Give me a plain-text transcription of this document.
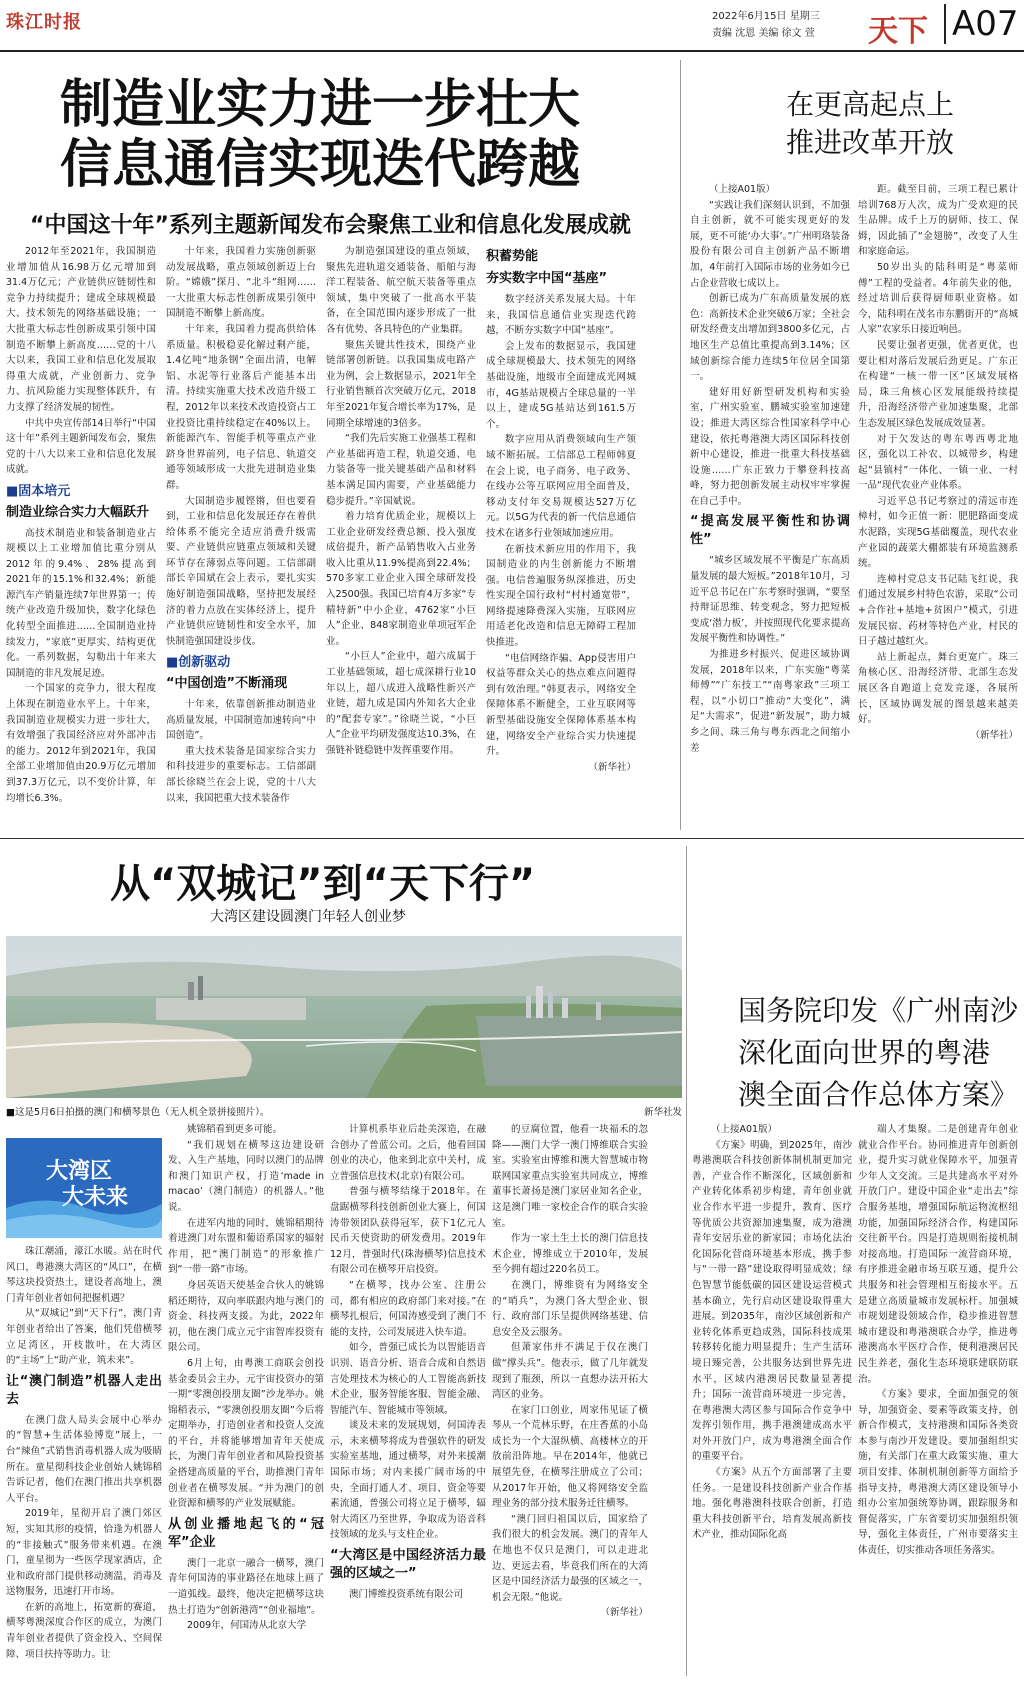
珠江时报	2022年6月15日 星期三
责编 沈恩 美编 徐文 萱 天下 A07
制造业实力进一步壮大
信息通信实现迭代跨越
“中国这十年”系列主题新闻发布会聚焦工业和信息化发展成就

2012年至2021年，我国制造业增加值从16.98万亿元增加到31.4万亿元；产业链供应链韧性和竞争力持续提升；建成全球规模最大、技术领先的网络基础设施；一大批重大标志性创新成果引领中国制造不断攀上新高度……党的十八大以来，我国工业和信息化发展取得重大成就，产业创新力、竞争力、抗风险能力实现整体跃升，有力支撑了经济发展的韧性。

中共中央宣传部14日举行“中国这十年”系列主题新闻发布会，聚焦党的十八大以来工业和信息化发展成就。

■固本培元
制造业综合实力大幅跃升

高技术制造业和装备制造业占规模以上工业增加值比重分别从2012年的9.4%、28%提高到2021年的15.1%和32.4%；新能源汽车产销量连续7年世界第一；传统产业改造升级加快，数字化绿色化转型全面推进……全国制造业持续发力，“家底”更厚实、结构更优化。一系列数据，勾勒出十年来大国制造的非凡发展足迹。

一个国家的竞争力，很大程度上体现在制造业水平上。十年来，我国制造业规模实力进一步壮大，有效增强了我国经济应对外部冲击的能力。2012年到2021年，我国全部工业增加值由20.9万亿元增加到37.3万亿元，以不变价计算，年均增长6.3%。

十年来，我国着力实施创新驱动发展战略，重点领域创新迈上台阶。“嫦娥”探月、“北斗”组网……一大批重大标志性创新成果引领中国制造不断攀上新高度。

十年来，我国着力提高供给体系质量。积极稳妥化解过剩产能，1.4亿吨“地条钢”全面出清，电解铝、水泥等行业落后产能基本出清。持续实施重大技术改造升级工程，2012年以来技术改造投资占工业投资比重持续稳定在40%以上。新能源汽车、智能手机等重点产业跻身世界前列，电子信息、轨道交通等领域形成一大批先进制造业集群。

大国制造步履铿锵，但也要看到，工业和信息化发展还存在着供给体系不能完全适应消费升级需要、产业链供应链重点领域和关键环节存在薄弱点等问题。工信部副部长辛国斌在会上表示，要扎实实施好制造强国战略，坚持把发展经济的着力点放在实体经济上，提升产业链供应链韧性和安全水平，加快制造强国建设步伐。

■创新驱动
“中国创造”不断涌现

十年来，依靠创新推动制造业高质量发展，中国制造加速转向“中国创造”。

重大技术装备是国家综合实力和科技进步的重要标志。工信部副部长徐晓兰在会上说，党的十八大以来，我国把重大技术装备作

为制造强国建设的重点领域，聚焦先进轨道交通装备、船舶与海洋工程装备、航空航天装备等重点领域，集中突破了一批高水平装备，在全国范围内逐步形成了一批各有优势、各具特色的产业集群。

聚焦关键共性技术，围绕产业链部署创新链。以我国集成电路产业为例，会上数据显示，2021年全行业销售额首次突破万亿元，2018年至2021年复合增长率为17%，是同期全球增速的3倍多。

“我们先后实施工业强基工程和产业基础再造工程，轨道交通、电力装备等一批关键基础产品和材料基本满足国内需要，产业基础能力稳步提升。”辛国斌说。

着力培育优质企业，规模以上工业企业研发经费总额、投入强度成倍提升，新产品销售收入占业务收入比重从11.9%提高到22.4%；570多家工业企业入围全球研发投入2500强。我国已培育4万多家“专精特新”中小企业，4762家“小巨人”企业、848家制造业单项冠军企业。

“小巨人”企业中，超六成属于工业基础领域，超七成深耕行业10年以上，超八成进入战略性新兴产业链，超九成是国内外知名大企业的“配套专家”。”徐晓兰说，“小巨人”企业平均研发强度达10.3%，在强链补链稳链中发挥重要作用。

积蓄势能
夯实数字中国“基座”

数字经济关系发展大局。十年来，我国信息通信业实现迭代跨越，不断夯实数字中国“基座”。

会上发布的数据显示，我国建成全球规模最大、技术领先的网络基础设施，地级市全面建成光网城市，4G基站规模占全球总量的一半以上，建成5G基站达到161.5万个。

数字应用从消费领域向生产领域不断拓展。工信部总工程师韩夏在会上说，电子商务、电子政务、在线办公等互联网应用全面普及，移动支付年交易规模达527万亿元。以5G为代表的新一代信息通信技术在诸多行业领域加速应用。

在新技术新应用的作用下，我国制造业的内生创新能力不断增强。电信普遍服务纵深推进，历史性实现全国行政村“村村通宽带”，网络提速降费深入实施，互联网应用适老化改造和信息无障碍工程加快推进。

“电信网络诈骗、App侵害用户权益等群众关心的热点难点问题得到有效治理。”韩夏表示，网络安全保障体系不断健全，工业互联网等新型基础设施安全保障体系基本构建，网络安全产业综合实力快速提升。

（新华社）
在更高起点上
推进改革开放

（上接A01版）

“实践让我们深刻认识到，不加强自主创新，就不可能实现更好的发展，更不可能‘办大事’。”广州明珞装备股份有限公司自主创新产品不断增加，4年前打入国际市场的业务如今已占企业营收七成以上。

创新已成为广东高质量发展的底色：高新技术企业突破6万家；全社会研发经费支出增加到3800多亿元，占地区生产总值比重提高到3.14%；区域创新综合能力连续5年位居全国第一。

建好用好新型研发机构和实验室，广州实验室、鹏城实验室加速建设；推进大湾区综合性国家科学中心建设，依托粤港澳大湾区国际科技创新中心建设，推进一批重大科技基础设施……广东正致力于攀登科技高峰，努力把创新发展主动权牢牢掌握在自己手中。

“提高发展平衡性和协调性”

“城乡区域发展不平衡是广东高质量发展的最大短板。”2018年10月，习近平总书记在广东考察时强调，“要坚持辩证思维、转变观念，努力把短板变成‘潜力板’，并按照现代化要求提高发展平衡性和协调性。”

为推进乡村振兴、促进区域协调发展，2018年以来，广东实施“粤菜师傅”“广东技工”“南粤家政”三项工程，以“小切口”推动“大变化”，满足“大需求”，促进“新发展”，助力城乡之间、珠三角与粤东西北之间缩小差

距。截至目前，三项工程已累计培训768万人次，成为广受欢迎的民生品牌。成千上万的厨师、技工、保姆，因此插了“金翅膀”，改变了人生和家庭命运。

50岁出头的陆科明是“粤菜师傅”工程的受益者。4年前失业的他，经过培训后获得厨师职业资格。如今，陆科明在茂名市东鹏街开的“高城人家”农家乐日接近响邑。

民要让强者更强，优者更优，也要让相对落后发展后劲更足。广东正在构建“一核一带一区”区域发展格局，珠三角核心区发展能级持续提升，沿海经济带产业加速集聚，北部生态发展区绿色发展成效显著。

对于欠发达的粤东粤西粤北地区，强化以工补农、以城带乡，构建起“县镇村”一体化、一镇一业、一村一品“现代农业产业体系。

习近平总书记考察过的清远市连樟村，如今正值一新：肥肥路面变成水泥路，实现5G基础覆盖，现代农业产业园的蔬菜大棚都装有环境监测系统。

连樟村党总支书记陆飞红说，我们通过发展乡村特色农游，采取“公司+合作社+基地+贫困户”模式，引进发展民宿、药材等特色产业，村民的日子越过越红火。

站上新起点，舞台更宽广。珠三角核心区、沿海经济带、北部生态发展区各自跑道上竞发竞逐，各展所长，区域协调发展的图景越来越美好。

（新华社）
从“双城记”到“天下行”
大湾区建设圆澳门年轻人创业梦
■这是5月6日拍摄的澳门和横琴景色（无人机全景拼接照片）。	新华社发
大湾区
大未来

珠江潮涌，濠江水暖。站在时代风口，粤港澳大湾区的“风口”，在横琴这块投资热土，建设者高地上，澳门青年创业者如何把握机遇？

从“双城记”到“天下行”，澳门青年创业者给出了答案，他们凭借横琴立足湾区，开枝散叶，在大湾区的“主场”上“助产业，筑未来”。

让“澳门制造”机器人走出去

在澳门盘人局头会展中心举办的“智慧+生活体验博览”展上，一台“辣鱼”式销售消毒机器人成为吸睛所在。童星彻科技企业创始人姚锦稻告诉记者，他们在澳门推出共享机器人平台。

2019年，星彻开启了澳门郊区短，实知其形的疫情，恰逢为机器人的“非接触式”服务带来机遇。在澳门，童星彻为一些医学现家酒店，企业和政府部门提供移动测温，消毒及送物服务，迅速打开市场。

在新的高地上，拓宽新的赛道，横琴粤澳深度合作区的成立，为澳门青年创业者提供了资金投入、空间保障、项目扶持等助力。让

姚锦稻看到更多可能。

“我们规划在横琴这边建设研发、入生产基地，同时以澳门的品牌和澳门知识产权，打造‘made in macao’（澳门制造）的机器人。”他说。

在进军内地的同时，姚锦稻期待着进澳门对东盟和葡语系国家的辐射作用，把“澳门制造”的形象推广到“一带一路”市场。

身居英语天使基金合伙人的姚锦稻还期待，双向率联跟内地与澳门的资金、科技两支援。为此，2022年初，他在澳门成立元宇宙智库投资有限公司。

6月上旬，由粤澳工商联会创投基金委员会主办，元宇宙投资办的第一期“零澳创投朋友圈”沙龙举办。姚锦稻表示，“零澳创投朋友圈”今后将定期举办，打造创业者和投资人交流的平台，并将能够增加青年天使成长，为澳门青年创业者和风险投资基金搭建高质量的平台，助推澳门青年创业者在横琴发展。“并为澳门的创业资源和横琴的产业发展赋能。

从创业播地起飞的“冠军”企业

澳门一北京一融合一横琴，澳门青年何国涛的事业路径在地球上画了一道弧线。最终，他决定把横琴这块热土打造为“创新港湾”“创业福地”。

2009年，何国涛从北京大学

计算机系毕业后赴美深造，在融合创办了普蓝公司。之后，他看回国创业的决心，他来到北京中关村，成立普强信息技术(北京)有限公司。

普强与横琴结缘于2018年。在盘踞横琴科技创新创业大赛上，何国涛带领团队获得冠军，获下1亿元人民币天使资助的研发费用。2019年12月，普强时代(珠海横琴)信息技术有限公司在横琴开启投资。

“在横琴，找办公室、注册公司，都有相应的政府部门来对接。”在横琴扎根后，何国涛感受到了澳门不能的支持，公司发展进入快车道。

如今，普强已成长为以智能语音识别、语音分析、语音合成和自然语言处理技术为核心的人工智能高新技术企业，服务智能客服、智能金融、智能汽车、智能城市等领域。

谈及未来的发展规划，何国涛表示，未来横琴将成为普强软件的研发实验室基地，通过横琴，对外来援潮国际市场；对内来援广阔市场的中央，全面打通人才、项目、资金等要素流通，普强公司将立足于横琴，辐射大湾区乃至世界，争取成为语音科技领域的龙头与支柱企业。

“大湾区是中国经济活力最强的区域之一”

澳门博维投资系统有限公司

的豆腐位置，他看一块福禾的忽降——澳门大学一澳门博维联合实验室。实验室由博维和澳大智慧城市物联网国家重点实验室共同成立，博维董事长萧扬是澳门家居业知名企业，这是澳门唯一家校企合作的联合实验室。

作为一家土生土长的澳门信息技术企业，博维成立于2010年，发展至今拥有超过220名员工。

在澳门，博维资有为网络安全的“哨兵”，为澳门各大型企业、银行、政府部门乐呈提供网络基建、信息安全及云服务。

但萧家伟并不满足于仅在澳门做“撑头兵”。他表示，做了几年就发现到了瓶颈，所以一直想办法开拓大湾区的业务。

在家门口创业，周家伟见证了横琴从一个荒林乐野，在庄香蕉的小岛成长为一个大湿纵横、高楼林立的开放前沿阵地。早在2014年，他就已展望先登，在横琴注册成立了公司；从2017年开始，他又将网络安全监理业务的部分技术服务迁往横琴。

“澳门回归祖国以后，国家给了我们很大的机会发展。澳门的青年人在地也不仅只是澳门，可以走进北边、更远去看，毕竟我们所在的大湾区是中国经济活力最强的区域之一，机会无限。”他说。

（新华社）
国务院印发《广州南沙
深化面向世界的粤港
澳全面合作总体方案》

（上接A01版）

《方案》明确，到2025年，南沙粤港澳联合科技创新体制机制更加完善，产业合作不断深化，区域创新和产业转化体系初步构建，青年创业就业合作水平进一步提升，教育、医疗等优质公共资源加速集聚，成为港澳青年安居乐业的新家园；市场化法治化国际化营商环境基本形成，携手参与“一带一路”建设取得明显成效；绿色智慧节能低碳的园区建设运营模式基本确立，先行启动区建设取得重大进展。到2035年，南沙区域创新和产业转化体系更趋成熟，国际科技成果转移转化能力明显提升；生产生活环境日臻完善，公共服务达到世界先进水平，区域内港澳居民数量显著提升；国际一流营商环境进一步完善，在粤港澳大湾区参与国际合作竞争中发挥引领作用，携手港澳建成高水平对外开放门户，成为粤港澳全面合作的重要平台。

《方案》从五个方面部署了主要任务。一是建设科技创新产业合作基地。强化粤港澳科技联合创新，打造重大科技创新平台，培育发展高新技术产业，推动国际化高

端人才集聚。二是创建青年创业就业合作平台。协同推进青年创新创业，提升实习就业保障水平，加强青少年人文交流。三是共建高水平对外开放门户。建设中国企业“走出去”综合服务基地，增强国际航运物流枢纽功能，加强国际经济合作，构建国际交往新平台。四是打造规则衔接机制对接高地。打造国际一流营商环境，有序推进金融市场互联互通，提升公共服务和社会管理相互衔接水平。五是建立高质量城市发展标杆。加强城市规划建设领域合作，稳步推进智慧城市建设和粤港澳联合办学，推进粤港澳高水平医疗合作，便利港澳居民民生养老，强化生态环境联建联防联治。

《方案》要求，全面加强党的领导，加强资金、要素等政策支持，创新合作模式，支持港澳和国际各类资本参与南沙开发建设。要加强组织实施，有关部门在重大政策实施、重大项目安排、体制机制创新等方面给予指导支持，粤港澳大湾区建设领导小组办公室加强统筹协调，跟踪服务和督促落实，广东省要切实加强组织领导，强化主体责任，广州市要落实主体责任，切实推动各项任务落实。
